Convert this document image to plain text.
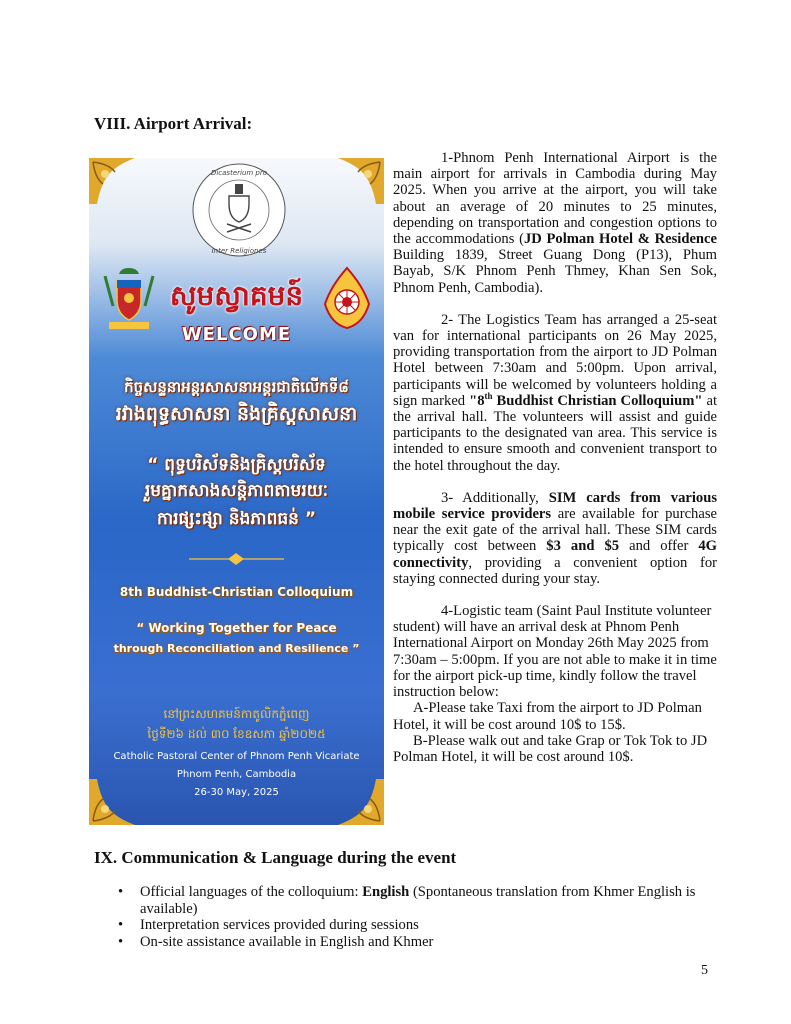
VIII. Airport Arrival:
Dicasterium pro
Inter Religiones
សូមស្វាគមន៍
WELCOME
កិច្ចសន្ទនាអន្តរសាសនាអន្តរជាតិលើកទី៨
រវាងពុទ្ធសាសនា និងគ្រិស្តសាសនា
“ ពុទ្ធបរិស័ទនិងគ្រិស្តបរិស័ទ
រួមគ្នាកសាងសន្តិភាពតាមរយៈ
ការផ្សះផ្សា និងភាពធន់ ”
8th Buddhist-Christian Colloquium
“ Working Together for Peace
through Reconciliation and Resilience ”
នៅព្រះសហគមន៍កាតូលិកភ្នំពេញ
ថ្ងៃទី២៦ ដល់ ៣០ ខែឧសភា ឆ្នាំ២០២៥
Catholic Pastoral Center of Phnom Penh Vicariate
Phnom Penh, Cambodia
26-30 May, 2025

1-Phnom Penh International Airport is the main airport for arrivals in Cambodia during May 2025. When you arrive at the airport, you will take about an average of 20 minutes to 25 minutes, depending on transportation and congestion options to the accommodations (JD Polman Hotel & Residence Building 1839, Street Guang Dong (P13), Phum Bayab, S/K Phnom Penh Thmey, Khan Sen Sok, Phnom Penh, Cambodia).

2- The Logistics Team has arranged a 25-seat van for international participants on 26 May 2025, providing transportation from the airport to JD Polman Hotel between 7:30am and 5:00pm. Upon arrival, participants will be welcomed by volunteers holding a sign marked "8th Buddhist Christian Colloquium" at the arrival hall. The volunteers will assist and guide participants to the designated van area. This service is intended to ensure smooth and convenient transport to the hotel throughout the day.

3- Additionally, SIM cards from various mobile service providers are available for purchase near the exit gate of the arrival hall. These SIM cards typically cost between $3 and $5 and offer 4G connectivity, providing a convenient option for staying connected during your stay.

4-Logistic team (Saint Paul Institute volunteer student) will have an arrival desk at Phnom Penh International Airport on Monday 26th May 2025 from 7:30am – 5:00pm. If you are not able to make it in time for the airport pick-up time, kindly follow the travel instruction below:

A-Please take Taxi from the airport to JD Polman Hotel, it will be cost around 10$ to 15$.

B-Please walk out and take Grap or Tok Tok to JD Polman Hotel, it will be cost around 10$.

IX. Communication & Language during the event
• Official languages of the colloquium: English (Spontaneous translation from Khmer English is available)
• Interpretation services provided during sessions
• On-site assistance available in English and Khmer
5
